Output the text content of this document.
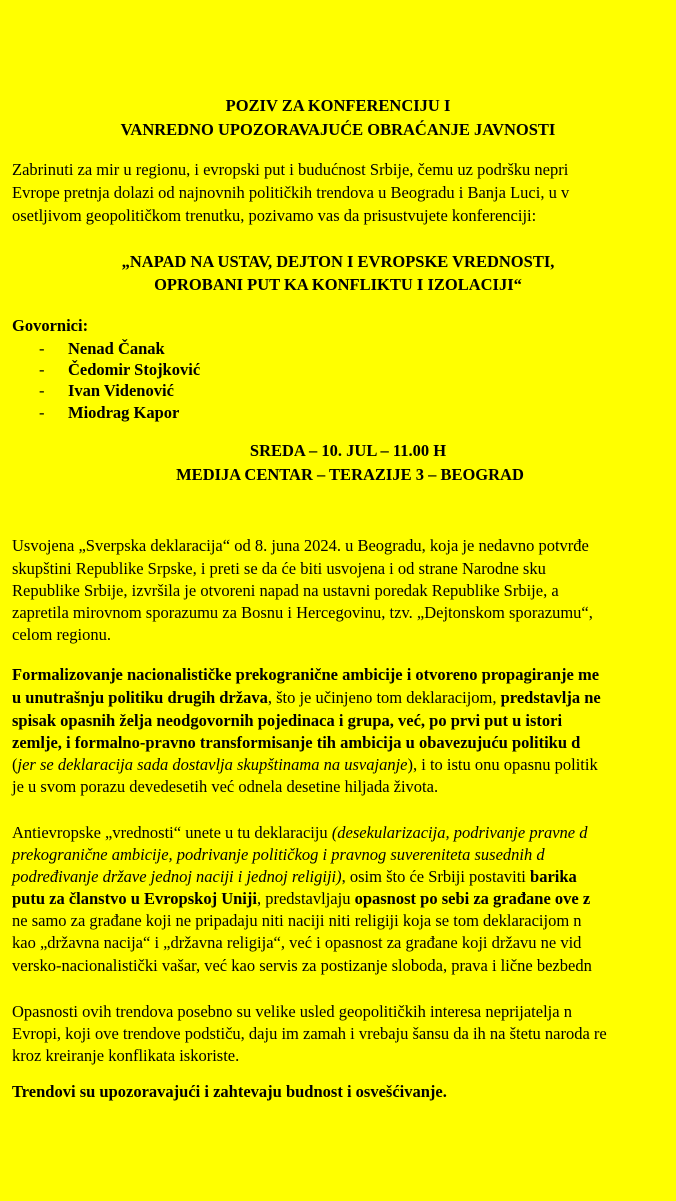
POZIV ZA KONFERENCIJU I
VANREDNO UPOZORAVAJUĆE OBRAĆANJE JAVNOSTI
Zabrinuti za mir u regionu, i evropski put i budućnost Srbije, čemu uz podršku nepri
Evrope pretnja dolazi od najnovnih političkih trendova u Beogradu i Banja Luci, u v
osetljivom geopolitičkom trenutku, pozivamo vas da prisustvujete konferenciji:
„NAPAD NA USTAV, DEJTON I EVROPSKE VREDNOSTI,
OPROBANI PUT KA KONFLIKTU I IZOLACIJI“
Govornici:
- Nenad Čanak
- Čedomir Stojković
- Ivan Videnović
- Miodrag Kapor
SREDA – 10. JUL – 11.00 H
MEDIJA CENTAR – TERAZIJE 3 – BEOGRAD
Usvojena „Sverpska deklaracija“ od 8. juna 2024. u Beogradu, koja je nedavno potvrđe
skupštini Republike Srpske, i preti se da će biti usvojena i od strane Narodne sku
Republike Srbije, izvršila je otvoreni napad na ustavni poredak Republike Srbije, a
zapretila mirovnom sporazumu za Bosnu i Hercegovinu, tzv. „Dejtonskom sporazumu“,
celom regionu.
Formalizovanje nacionalističke prekogranične ambicije i otvoreno propagiranje me
u unutrašnju politiku drugih država, što je učinjeno tom deklaracijom, predstavlja ne
spisak opasnih želja neodgovornih pojedinaca i grupa, već, po prvi put u istori
zemlje, i formalno-pravno transformisanje tih ambicija u obavezujuću politiku d
(jer se deklaracija sada dostavlja skupštinama na usvajanje), i to istu onu opasnu politik
je u svom porazu devedesetih već odnela desetine hiljada života.
Antievropske „vrednosti“ unete u tu deklaraciju (desekularizacija, podrivanje pravne d
prekogranične ambicije, podrivanje političkog i pravnog suvereniteta susednih d
podređivanje države jednoj naciji i jednoj religiji), osim što će Srbiji postaviti barika
putu za članstvo u Evropskoj Uniji, predstavljaju opasnost po sebi za građane ove z
ne samo za građane koji ne pripadaju niti naciji niti religiji koja se tom deklaracijom n
kao „državna nacija“ i „državna religija“, već i opasnost za građane koji državu ne vid
versko-nacionalistički vašar, već kao servis za postizanje sloboda, prava i lične bezbedn
Opasnosti ovih trendova posebno su velike usled geopolitičkih interesa neprijatelja n
Evropi, koji ove trendove podstiču, daju im zamah i vrebaju šansu da ih na štetu naroda re
kroz kreiranje konflikata iskoriste.
Trendovi su upozoravajući i zahtevaju budnost i osvešćivanje.
